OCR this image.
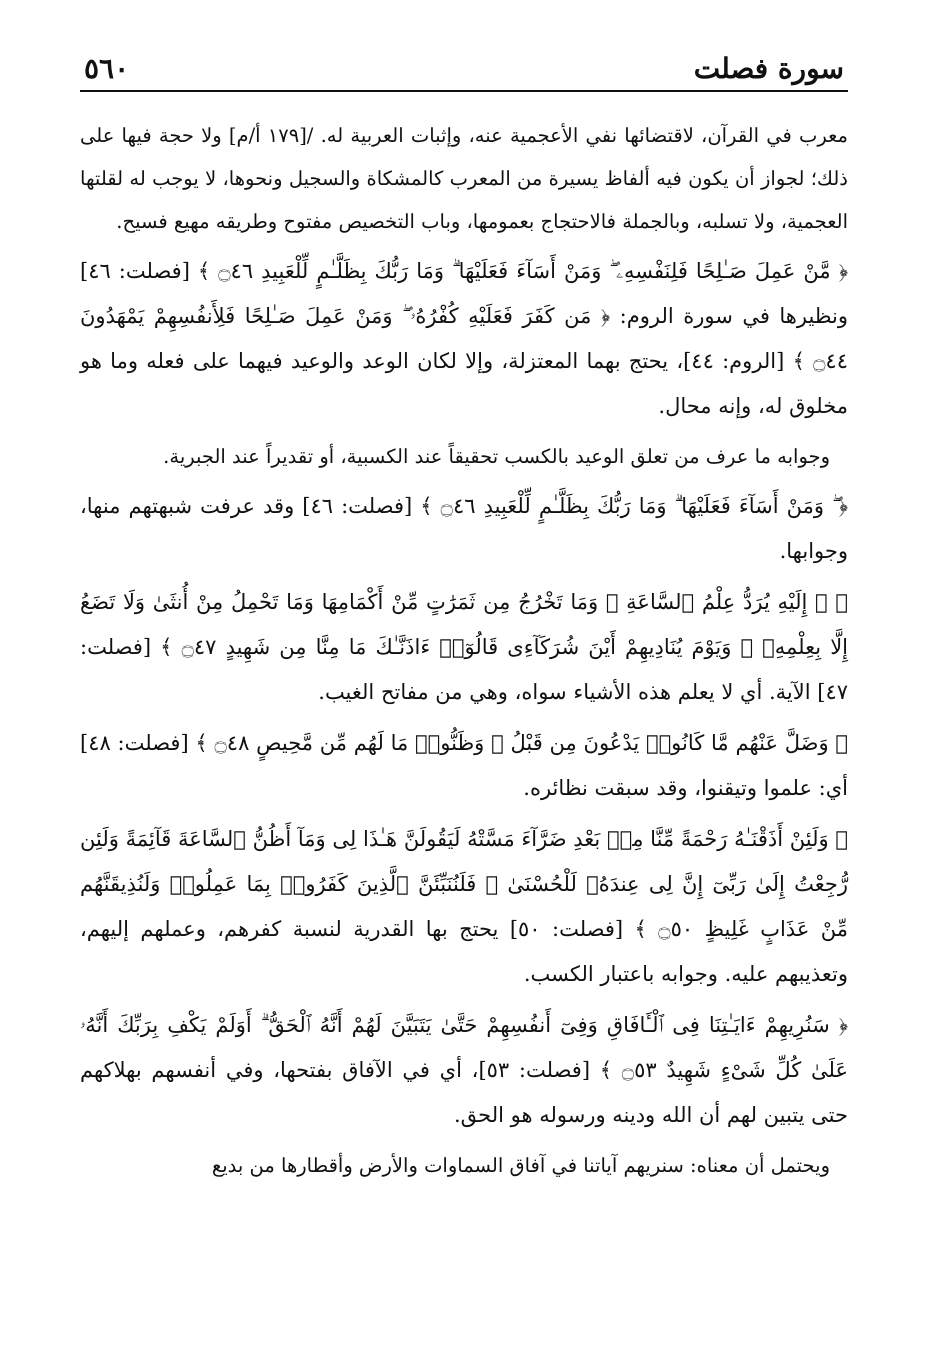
سورة فصلت
٥٦٠

معرب في القرآن، لاقتضائها نفي الأعجمية عنه، وإثبات العربية له. /[١٧٩ أ/م] ولا حجة فيها على ذلك؛ لجواز أن يكون فيه ألفاظ يسيرة من المعرب كالمشكاة والسجيل ونحوها، لا يوجب له لقلتها العجمية، ولا تسلبه، وبالجملة فالاحتجاج بعمومها، وباب التخصيص مفتوح وطريقه مهيع فسيح.

﴿ مَّنْ عَمِلَ صَـٰلِحًا فَلِنَفْسِهِۦ ۖ وَمَنْ أَسَآءَ فَعَلَيْهَا ۗ وَمَا رَبُّكَ بِظَلَّـٰمٍ لِّلْعَبِيدِ ۝٤٦ ﴾ [فصلت: ٤٦] ونظيرها في سورة الروم: ﴿ مَن كَفَرَ فَعَلَيْهِ كُفْرُهُۥ ۖ وَمَنْ عَمِلَ صَـٰلِحًا فَلِأَنفُسِهِمْ يَمْهَدُونَ ۝٤٤ ﴾ [الروم: ٤٤]، يحتج بهما المعتزلة، وإلا لكان الوعد والوعيد فيهما على فعله وما هو مخلوق له، وإنه محال.

وجوابه ما عرف من تعلق الوعيد بالكسب تحقيقاً عند الكسبية، أو تقديراً عند الجبرية.

﴿ ۖ وَمَنْ أَسَآءَ فَعَلَيْهَا ۗ وَمَا رَبُّكَ بِظَلَّـٰمٍ لِّلْعَبِيدِ ۝٤٦ ﴾ [فصلت: ٤٦] وقد عرفت شبهتهم منها، وجوابها.

﴿ ۞ إِلَيْهِ يُرَدُّ عِلْمُ ٱلسَّاعَةِ ۚ وَمَا تَخْرُجُ مِن ثَمَرَٰتٍ مِّنْ أَكْمَامِهَا وَمَا تَحْمِلُ مِنْ أُنثَىٰ وَلَا تَضَعُ إِلَّا بِعِلْمِهِۦ ۚ وَيَوْمَ يُنَادِيهِمْ أَيْنَ شُرَكَآءِى قَالُوٓا۟ ءَاذَنَّـٰكَ مَا مِنَّا مِن شَهِيدٍ ۝٤٧ ﴾ [فصلت: ٤٧] الآية. أي لا يعلم هذه الأشياء سواه، وهي من مفاتح الغيب.

﴿ وَضَلَّ عَنْهُم مَّا كَانُوا۟ يَدْعُونَ مِن قَبْلُ ۖ وَظَنُّوا۟ مَا لَهُم مِّن مَّحِيصٍ ۝٤٨ ﴾ [فصلت: ٤٨] أي: علموا وتيقنوا، وقد سبقت نظائره.

﴿ وَلَئِنْ أَذَقْنَـٰهُ رَحْمَةً مِّنَّا مِنۢ بَعْدِ ضَرَّآءَ مَسَّتْهُ لَيَقُولَنَّ هَـٰذَا لِى وَمَآ أَظُنُّ ٱلسَّاعَةَ قَآئِمَةً وَلَئِن رُّجِعْتُ إِلَىٰ رَبِّىٓ إِنَّ لِى عِندَهُۥ لَلْحُسْنَىٰ ۚ فَلَنُنَبِّئَنَّ ٱلَّذِينَ كَفَرُوا۟ بِمَا عَمِلُوا۟ وَلَنُذِيقَنَّهُم مِّنْ عَذَابٍ غَلِيظٍ ۝٥٠ ﴾ [فصلت: ٥٠] يحتج بها القدرية لنسبة كفرهم، وعملهم إليهم، وتعذيبهم عليه. وجوابه باعتبار الكسب.

﴿ سَنُرِيهِمْ ءَايَـٰتِنَا فِى ٱلْـَٔافَاقِ وَفِىٓ أَنفُسِهِمْ حَتَّىٰ يَتَبَيَّنَ لَهُمْ أَنَّهُ ٱلْحَقُّ ۗ أَوَلَمْ يَكْفِ بِرَبِّكَ أَنَّهُۥ عَلَىٰ كُلِّ شَىْءٍ شَهِيدٌ ۝٥٣ ﴾ [فصلت: ٥٣]، أي في الآفاق بفتحها، وفي أنفسهم بهلاكهم حتى يتبين لهم أن الله ودينه ورسوله هو الحق.

ويحتمل أن معناه: سنريهم آياتنا في آفاق السماوات والأرض وأقطارها من بديع
